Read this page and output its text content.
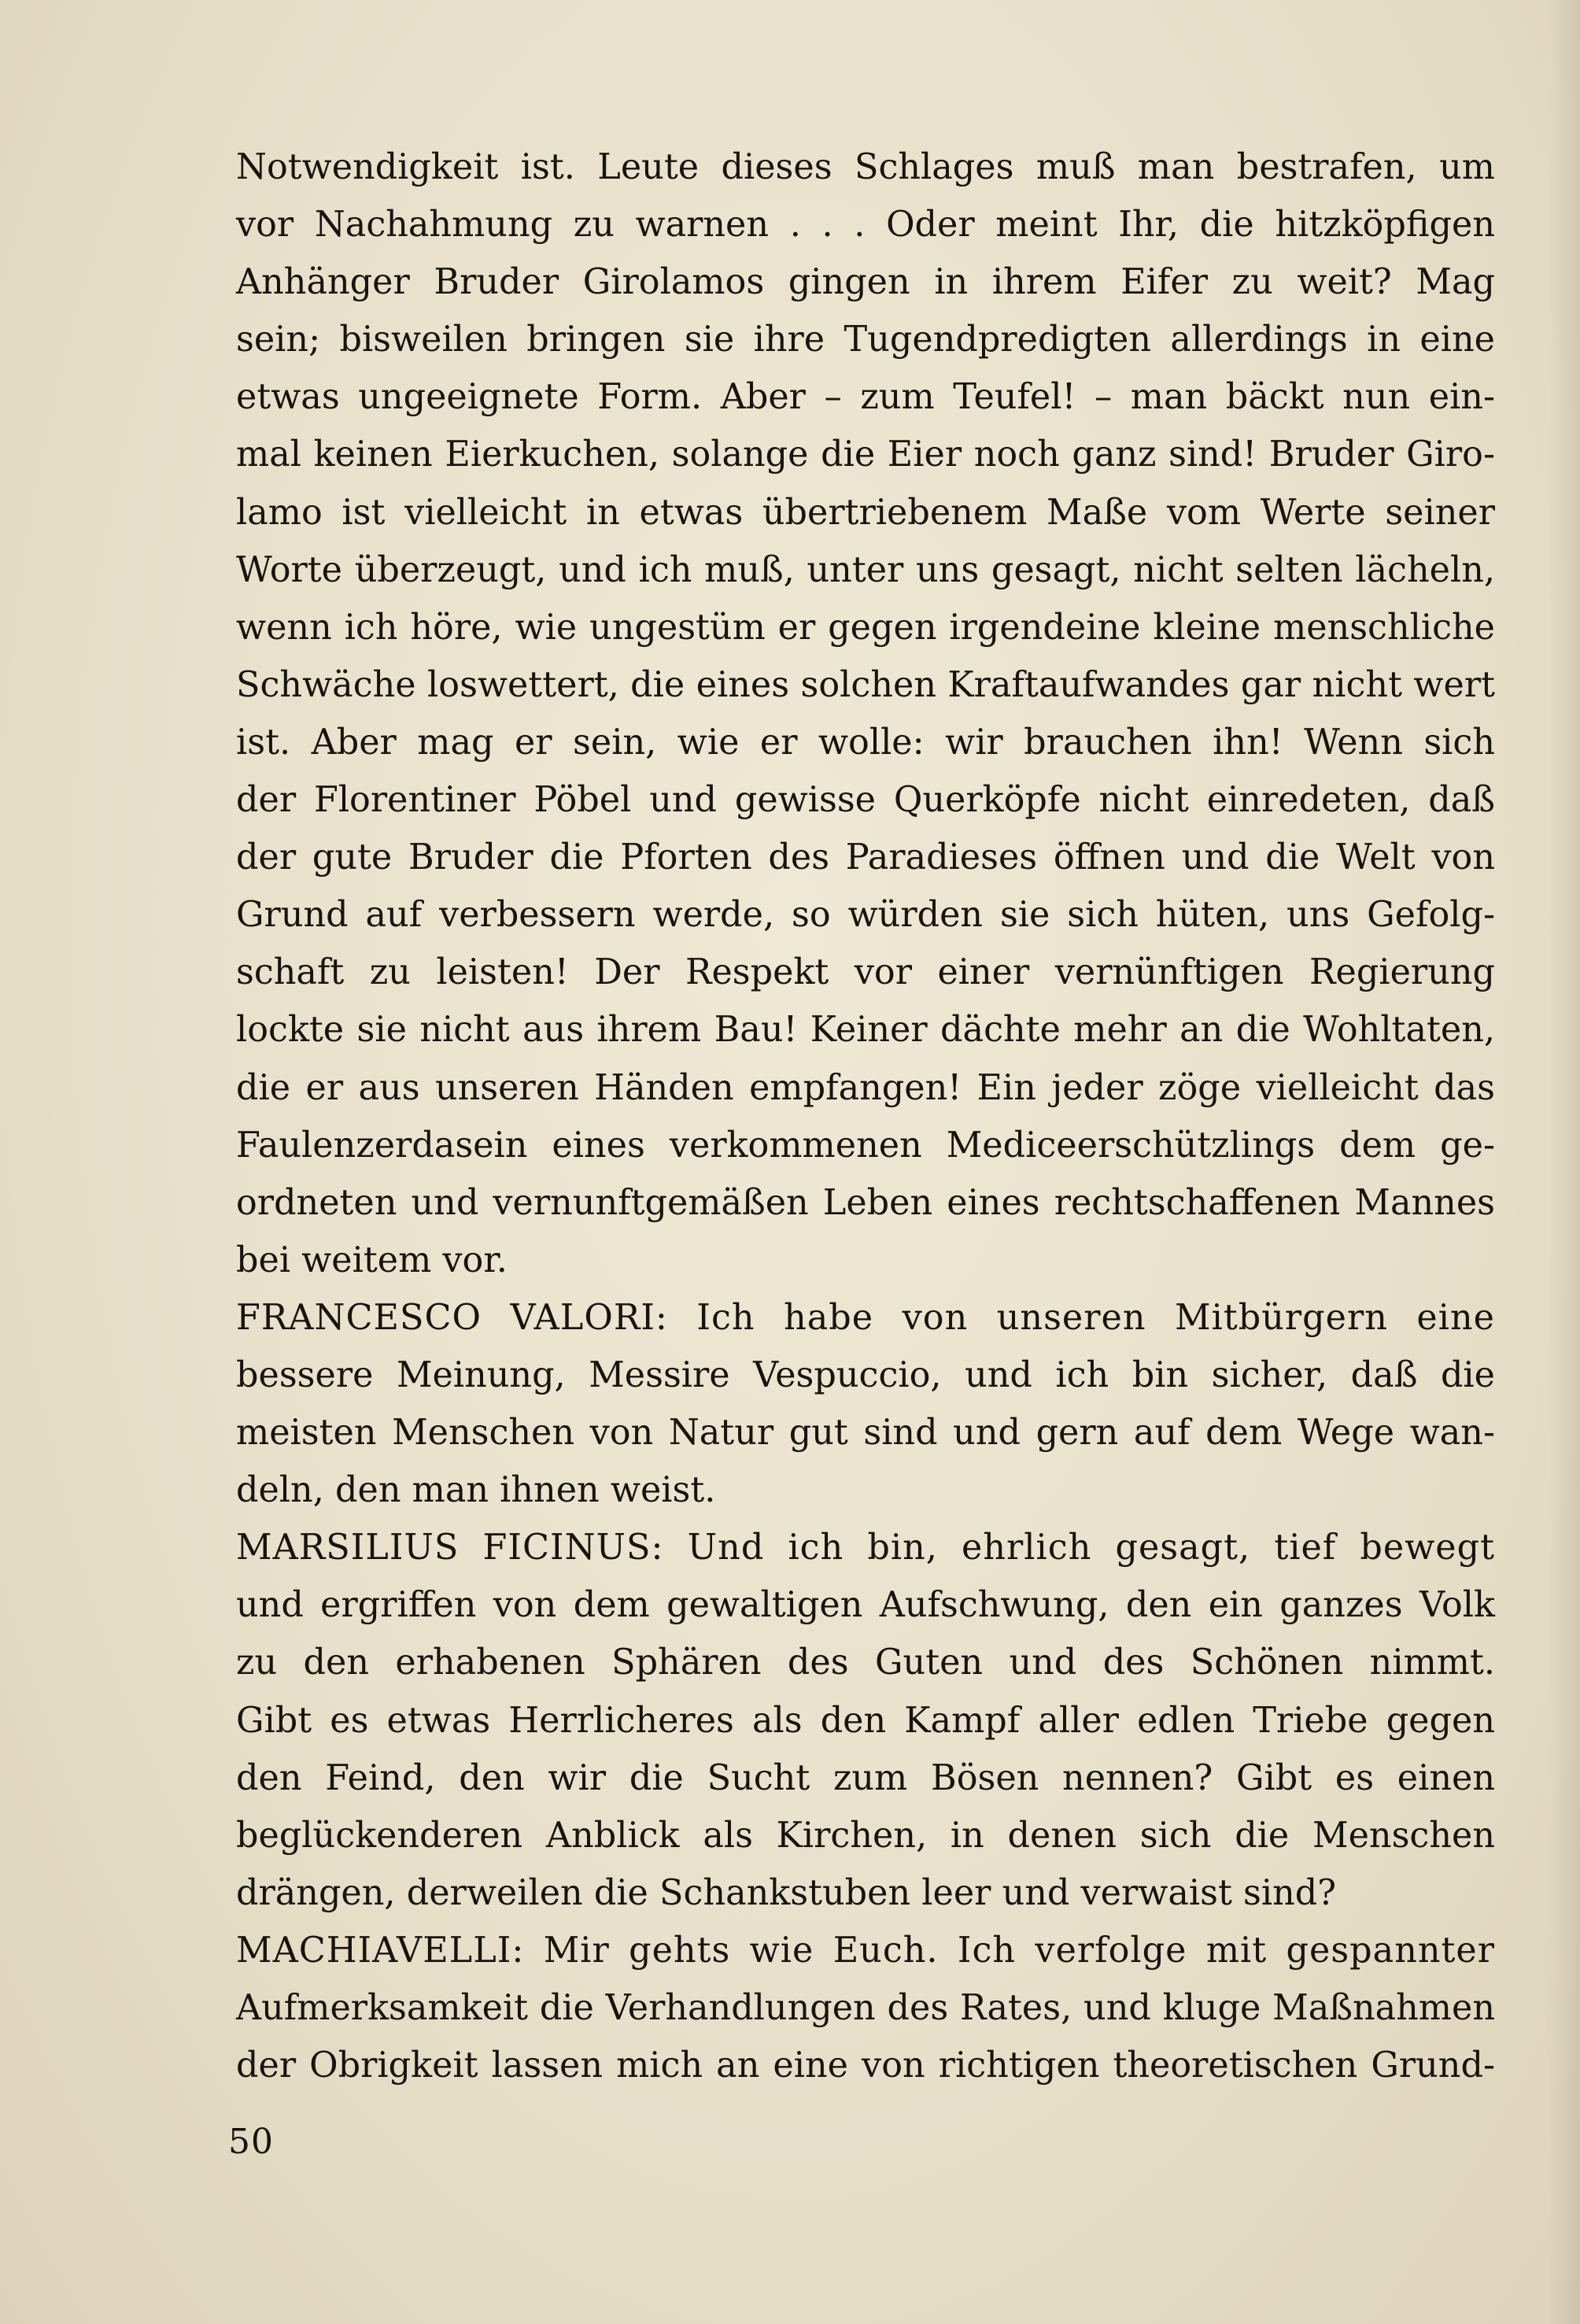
Notwendigkeit ist. Leute dieses Schlages muß man bestrafen, um
vor Nachahmung zu warnen . . . Oder meint Ihr, die hitzköpfigen
Anhänger Bruder Girolamos gingen in ihrem Eifer zu weit? Mag
sein; bisweilen bringen sie ihre Tugendpredigten allerdings in eine
etwas ungeeignete Form. Aber – zum Teufel! – man bäckt nun ein-
mal keinen Eierkuchen, solange die Eier noch ganz sind! Bruder Giro-
lamo ist vielleicht in etwas übertriebenem Maße vom Werte seiner
Worte überzeugt, und ich muß, unter uns gesagt, nicht selten lächeln,
wenn ich höre, wie ungestüm er gegen irgendeine kleine menschliche
Schwäche loswettert, die eines solchen Kraftaufwandes gar nicht wert
ist. Aber mag er sein, wie er wolle: wir brauchen ihn! Wenn sich
der Florentiner Pöbel und gewisse Querköpfe nicht einredeten, daß
der gute Bruder die Pforten des Paradieses öffnen und die Welt von
Grund auf verbessern werde, so würden sie sich hüten, uns Gefolg-
schaft zu leisten! Der Respekt vor einer vernünftigen Regierung
lockte sie nicht aus ihrem Bau! Keiner dächte mehr an die Wohltaten,
die er aus unseren Händen empfangen! Ein jeder zöge vielleicht das
Faulenzerdasein eines verkommenen Mediceerschützlings dem ge-
ordneten und vernunftgemäßen Leben eines rechtschaffenen Mannes
bei weitem vor.
FRANCESCO VALORI: Ich habe von unseren Mitbürgern eine
bessere Meinung, Messire Vespuccio, und ich bin sicher, daß die
meisten Menschen von Natur gut sind und gern auf dem Wege wan-
deln, den man ihnen weist.
MARSILIUS FICINUS: Und ich bin, ehrlich gesagt, tief bewegt
und ergriffen von dem gewaltigen Aufschwung, den ein ganzes Volk
zu den erhabenen Sphären des Guten und des Schönen nimmt.
Gibt es etwas Herrlicheres als den Kampf aller edlen Triebe gegen
den Feind, den wir die Sucht zum Bösen nennen? Gibt es einen
beglückenderen Anblick als Kirchen, in denen sich die Menschen
drängen, derweilen die Schankstuben leer und verwaist sind?
MACHIAVELLI: Mir gehts wie Euch. Ich verfolge mit gespannter
Aufmerksamkeit die Verhandlungen des Rates, und kluge Maßnahmen
der Obrigkeit lassen mich an eine von richtigen theoretischen Grund-
50
